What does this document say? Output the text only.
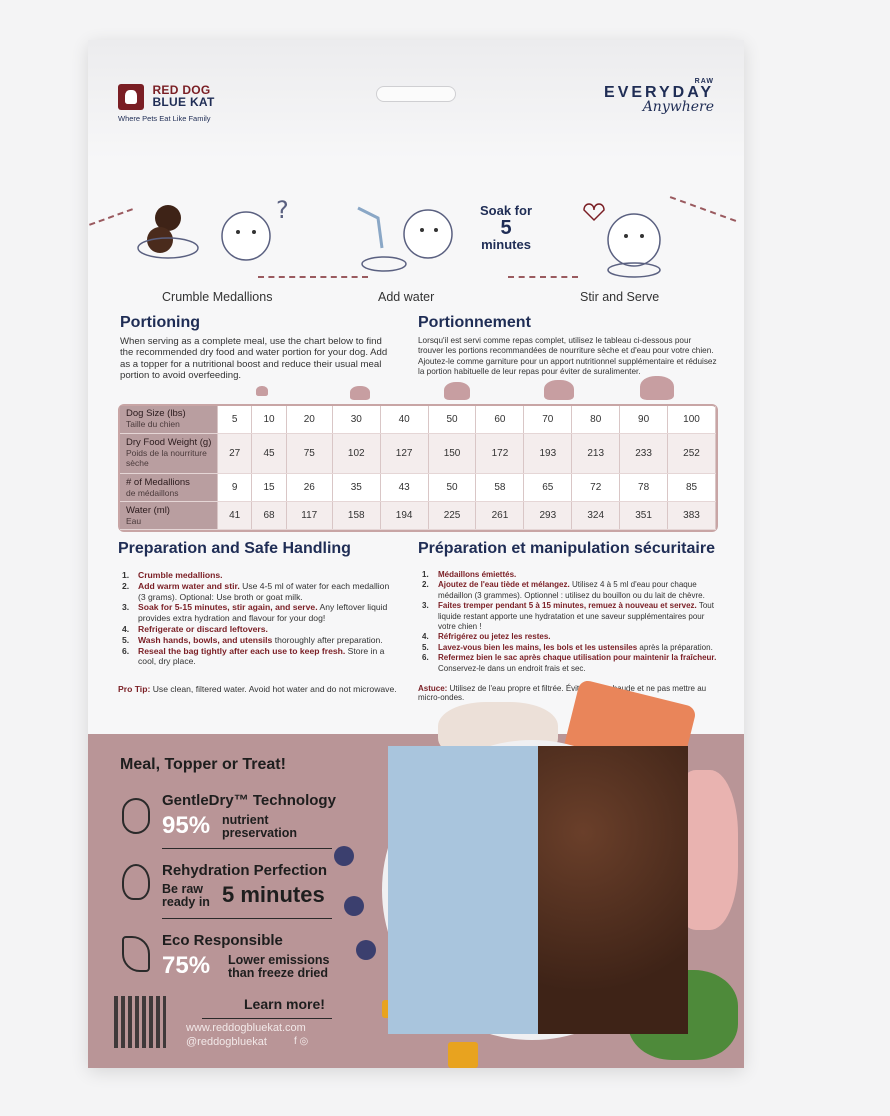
RED DOG
BLUE KAT
Where Pets Eat Like Family
RAW
EVERYDAY
Anywhere
?	Soak for
5
minutes
Crumble Medallions	Add water	Stir and Serve
Portioning
When serving as a complete meal, use the chart below to find the recommended dry food and water portion for your dog. Add as a topper for a nutritional boost and reduce their usual meal portion to avoid overfeeding.
Portionnement
Lorsqu'il est servi comme repas complet, utilisez le tableau ci-dessous pour trouver les portions recommandées de nourriture sèche et d'eau pour votre chien. Ajoutez-le comme garniture pour un apport nutritionnel supplémentaire et réduisez la portion habituelle de leur repas pour éviter de suralimenter.
Dog Size (lbs)
Taille du chien	5	10	20	30	40	50	60	70	80	90	100
Dry Food Weight (g)
Poids de la nourriture sèche	27	45	75	102	127	150	172	193	213	233	252
# of Medallions
de médaillons	9	15	26	35	43	50	58	65	72	78	85
Water (ml)
Eau	41	68	117	158	194	225	261	293	324	351	383
Preparation and Safe Handling
1. Crumble medallions.
2. Add warm water and stir. Use 4-5 ml of water for each medallion (3 grams). Optional: Use broth or goat milk.
3. Soak for 5-15 minutes, stir again, and serve. Any leftover liquid provides extra hydration and flavour for your dog!
4. Refrigerate or discard leftovers.
5. Wash hands, bowls, and utensils thoroughly after preparation.
6. Reseal the bag tightly after each use to keep fresh. Store in a cool, dry place.
Pro Tip: Use clean, filtered water. Avoid hot water and do not microwave.
Préparation et manipulation sécuritaire
1. Médaillons émiettés.
2. Ajoutez de l'eau tiède et mélangez. Utilisez 4 à 5 ml d'eau pour chaque médaillon (3 grammes). Optionnel : utilisez du bouillon ou du lait de chèvre.
3. Faites tremper pendant 5 à 15 minutes, remuez à nouveau et servez. Tout liquide restant apporte une hydratation et une saveur supplémentaires pour votre chien !
4. Réfrigérez ou jetez les restes.
5. Lavez-vous bien les mains, les bols et les ustensiles après la préparation.
6. Refermez bien le sac après chaque utilisation pour maintenir la fraîcheur. Conservez-le dans un endroit frais et sec.
Astuce: Utilisez de l'eau propre et filtrée. Évitez l'eau chaude et ne pas mettre au micro-ondes.
Meal, Topper or Treat!
GentleDry™ Technology
95% nutrient preservation
Rehydration Perfection
Be raw ready in 5 minutes
Eco Responsible
75% Lower emissions than freeze dried
Learn more!
www.reddogbluekat.com
@reddogbluekat	f ◎
